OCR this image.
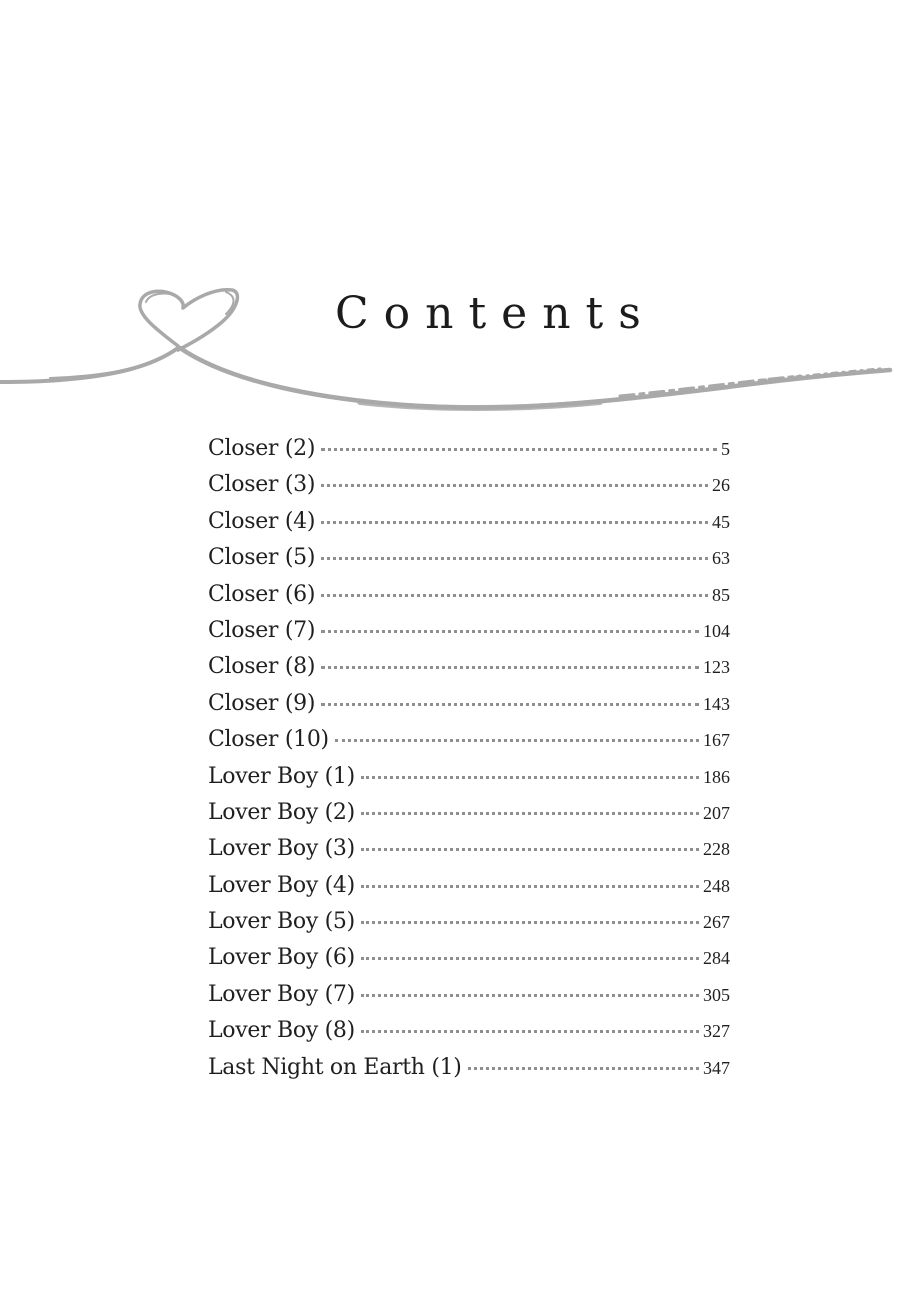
Contents
Closer (2)	5
Closer (3)	26
Closer (4)	45
Closer (5)	63
Closer (6)	85
Closer (7)	104
Closer (8)	123
Closer (9)	143
Closer (10)	167
Lover Boy (1)	186
Lover Boy (2)	207
Lover Boy (3)	228
Lover Boy (4)	248
Lover Boy (5)	267
Lover Boy (6)	284
Lover Boy (7)	305
Lover Boy (8)	327
Last Night on Earth (1)	347
